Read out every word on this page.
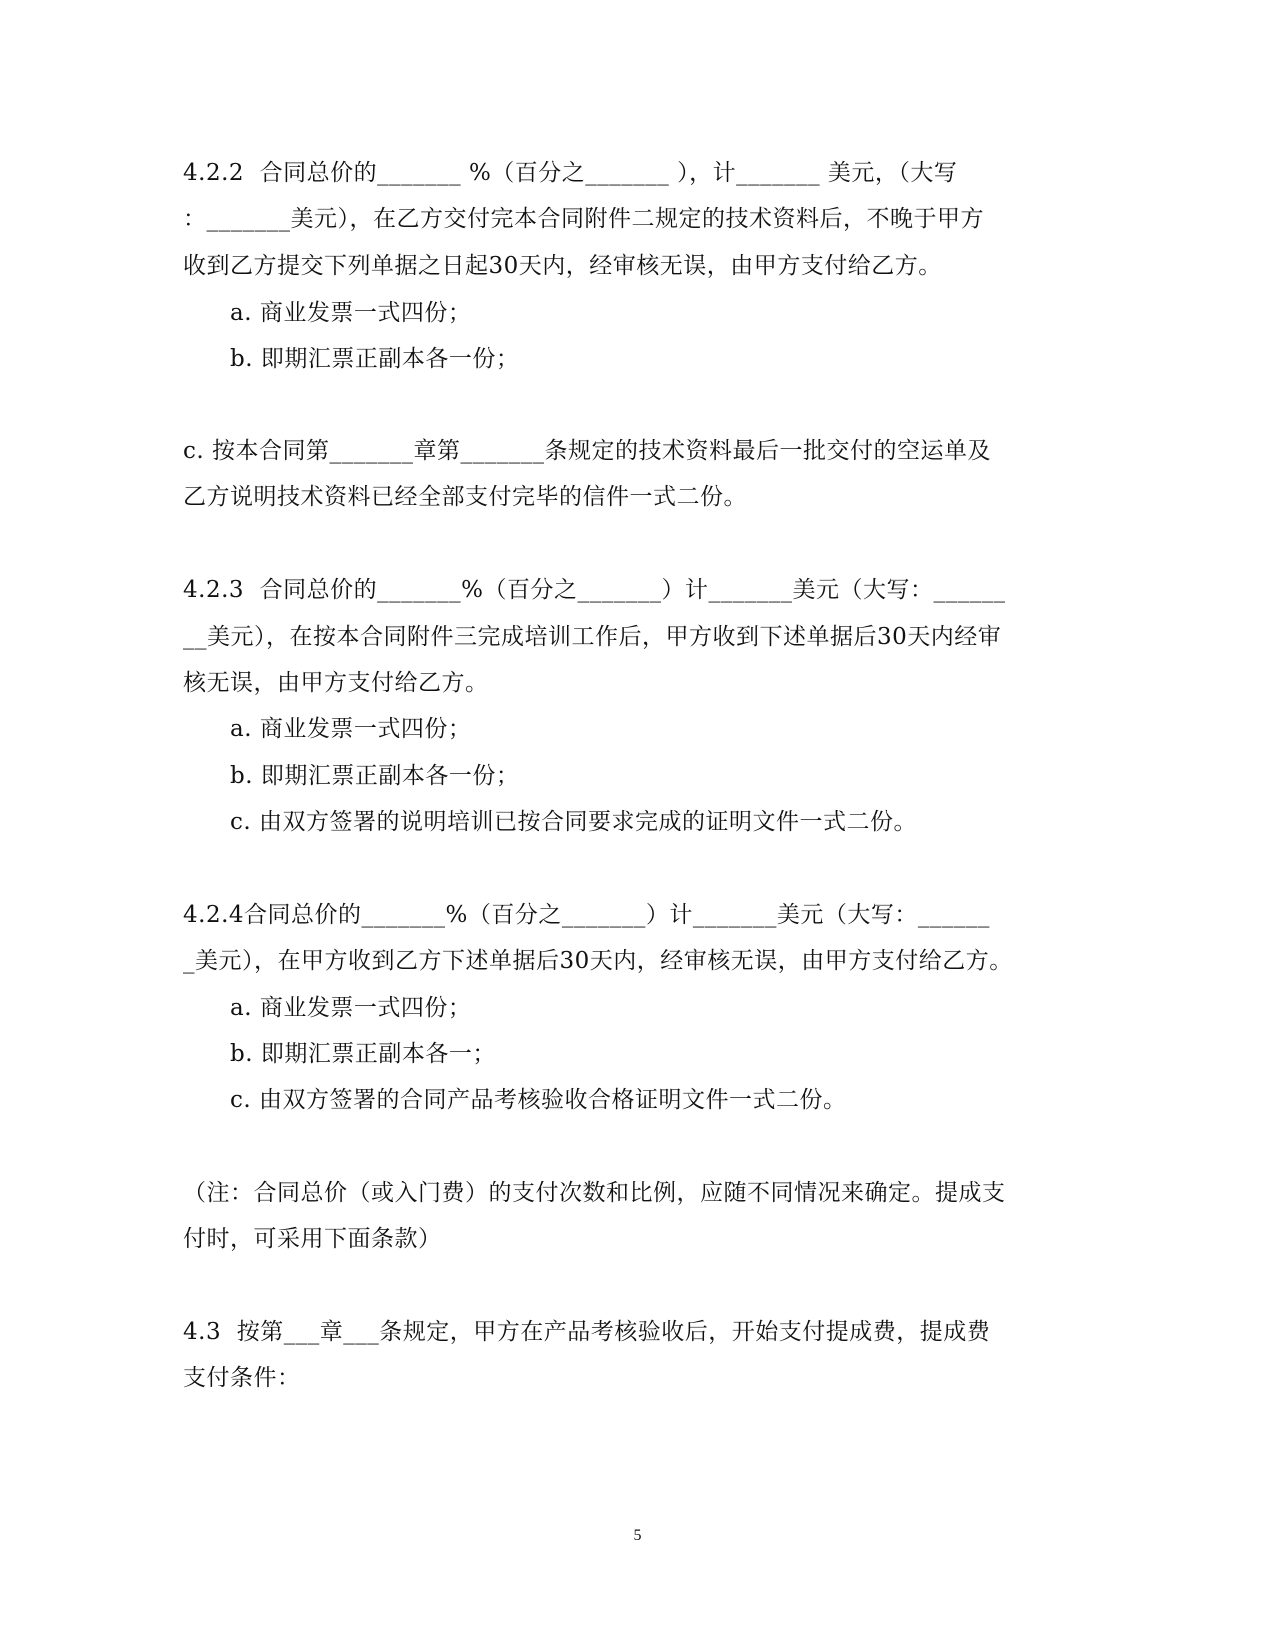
4.2.2  合同总价的_______ %（百分之_______ ），计_______ 美元，（大写
：_______美元），在乙方交付完本合同附件二规定的技术资料后，不晚于甲方
收到乙方提交下列单据之日起30天内，经审核无误，由甲方支付给乙方。
a. 商业发票一式四份；
b. 即期汇票正副本各一份；
c. 按本合同第_______章第_______条规定的技术资料最后一批交付的空运单及
乙方说明技术资料已经全部支付完毕的信件一式二份。
4.2.3  合同总价的_______%（百分之_______）计_______美元（大写：______
__美元），在按本合同附件三完成培训工作后，甲方收到下述单据后30天内经审
核无误，由甲方支付给乙方。
a. 商业发票一式四份；
b. 即期汇票正副本各一份；
c. 由双方签署的说明培训已按合同要求完成的证明文件一式二份。
4.2.4合同总价的_______%（百分之_______）计_______美元（大写：______
_美元），在甲方收到乙方下述单据后30天内，经审核无误，由甲方支付给乙方。
a. 商业发票一式四份；
b. 即期汇票正副本各一；
c. 由双方签署的合同产品考核验收合格证明文件一式二份。
（注：合同总价（或入门费）的支付次数和比例，应随不同情况来确定。提成支
付时，可采用下面条款）
4.3  按第___章___条规定，甲方在产品考核验收后，开始支付提成费，提成费
支付条件：
5
